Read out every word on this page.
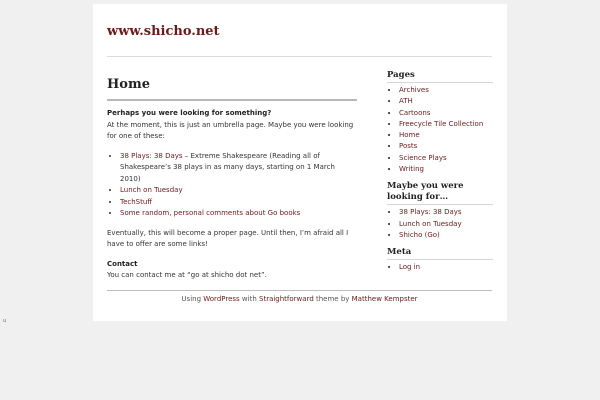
www.shicho.net
Home
Perhaps you were looking for something?

At the moment, this is just an umbrella page. Maybe you were looking for one of these:

• 38 Plays: 38 Days – Extreme Shakespeare (Reading all of Shakespeare’s 38 plays in as many days, starting on 1 March 2010)
• Lunch on Tuesday
• TechStuff
• Some random, personal comments about Go books

Eventually, this will become a proper page. Until then, I’m afraid all I have to offer are some links!

Contact

You can contact me at “go at shicho dot net”.

Pages
• Archives
• ATH
• Cartoons
• Freecycle Tile Collection
• Home
• Posts
• Science Plays
• Writing
Maybe you were looking for…
• 38 Plays: 38 Days
• Lunch on Tuesday
• Shicho (Go)
Meta
• Log in
Using WordPress with Straightforward theme by Matthew Kempster
u
